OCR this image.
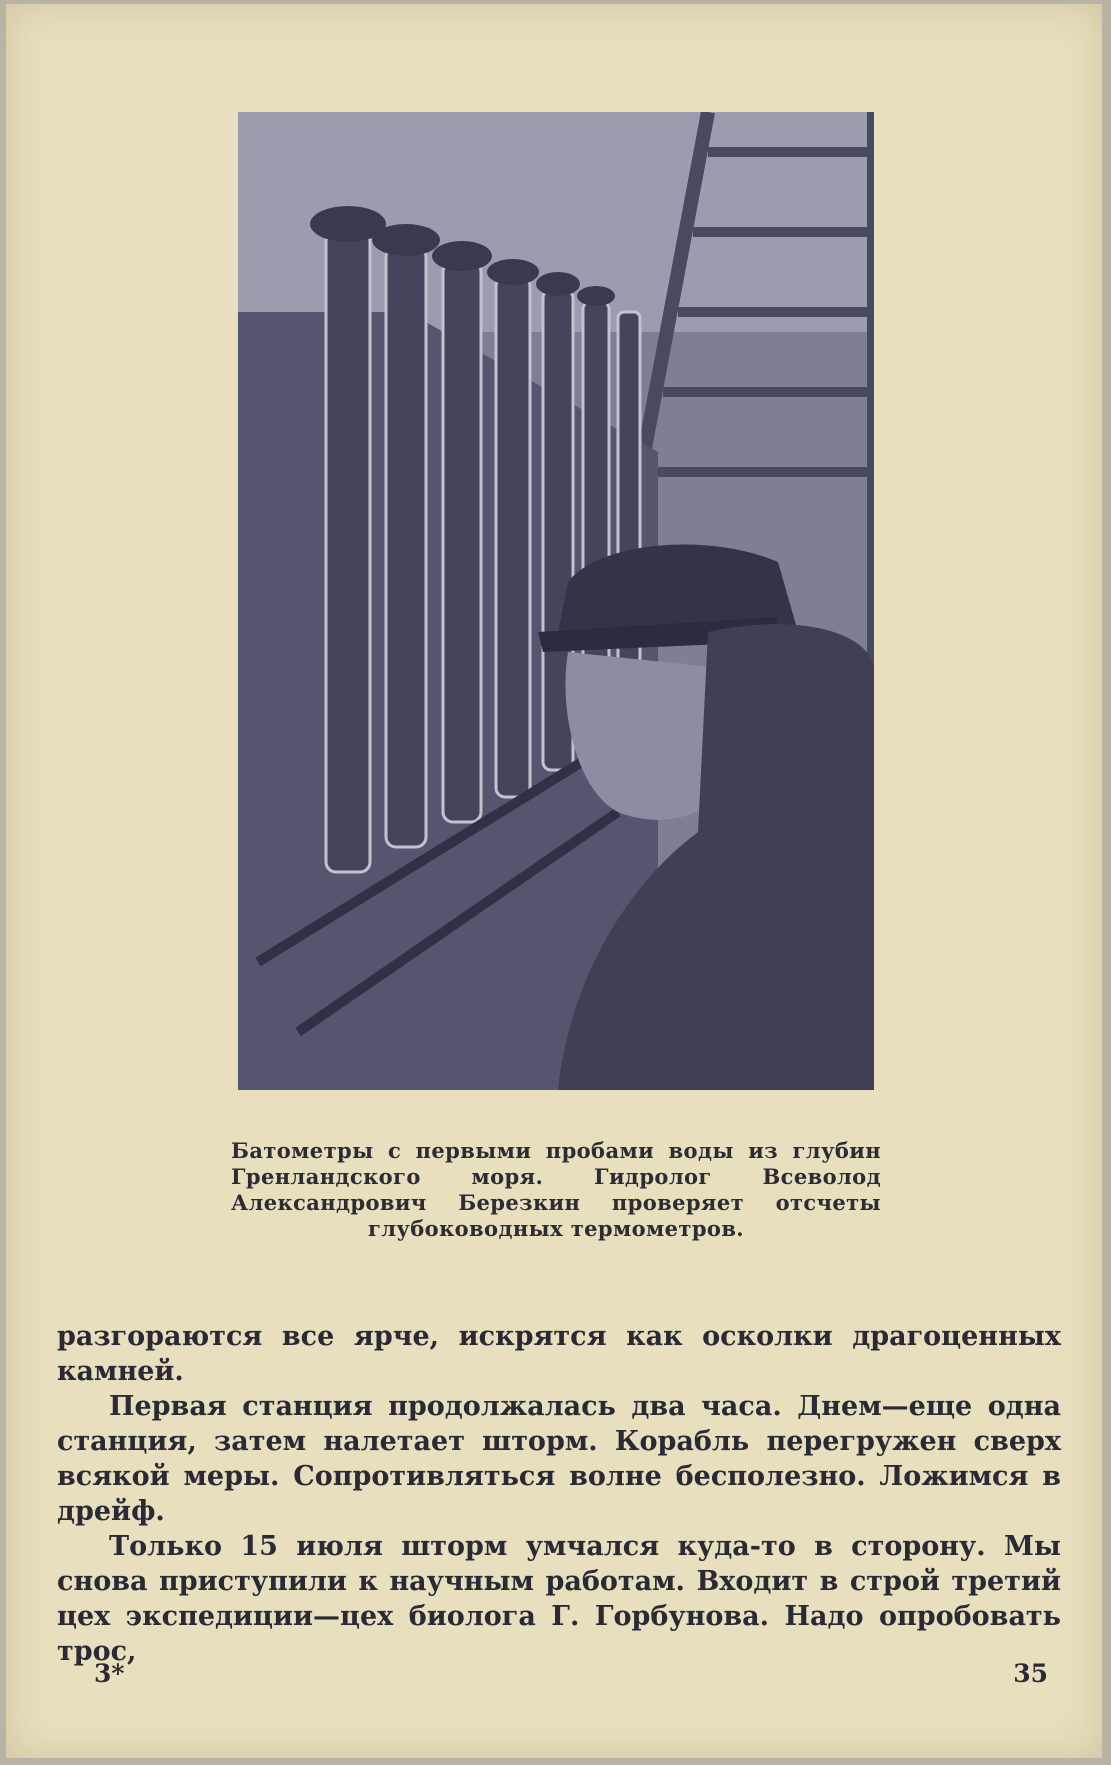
Батометры с первыми пробами воды из глубин Гренландского моря. Гидролог Всеволод Александрович Березкин проверяет отсчеты глубоководных термометров.

разгораются все ярче, искрятся как осколки драгоценных камней.

Первая станция продолжалась два часа. Днем—еще одна станция, затем налетает шторм. Корабль перегружен сверх всякой меры. Сопротивляться волне бесполезно. Ложимся в дрейф.

Только 15 июля шторм умчался куда-то в сторону. Мы снова приступили к научным работам. Входит в строй третий цех экспедиции—цех биолога Г. Горбунова. Надо опробовать трос,

3*	35
